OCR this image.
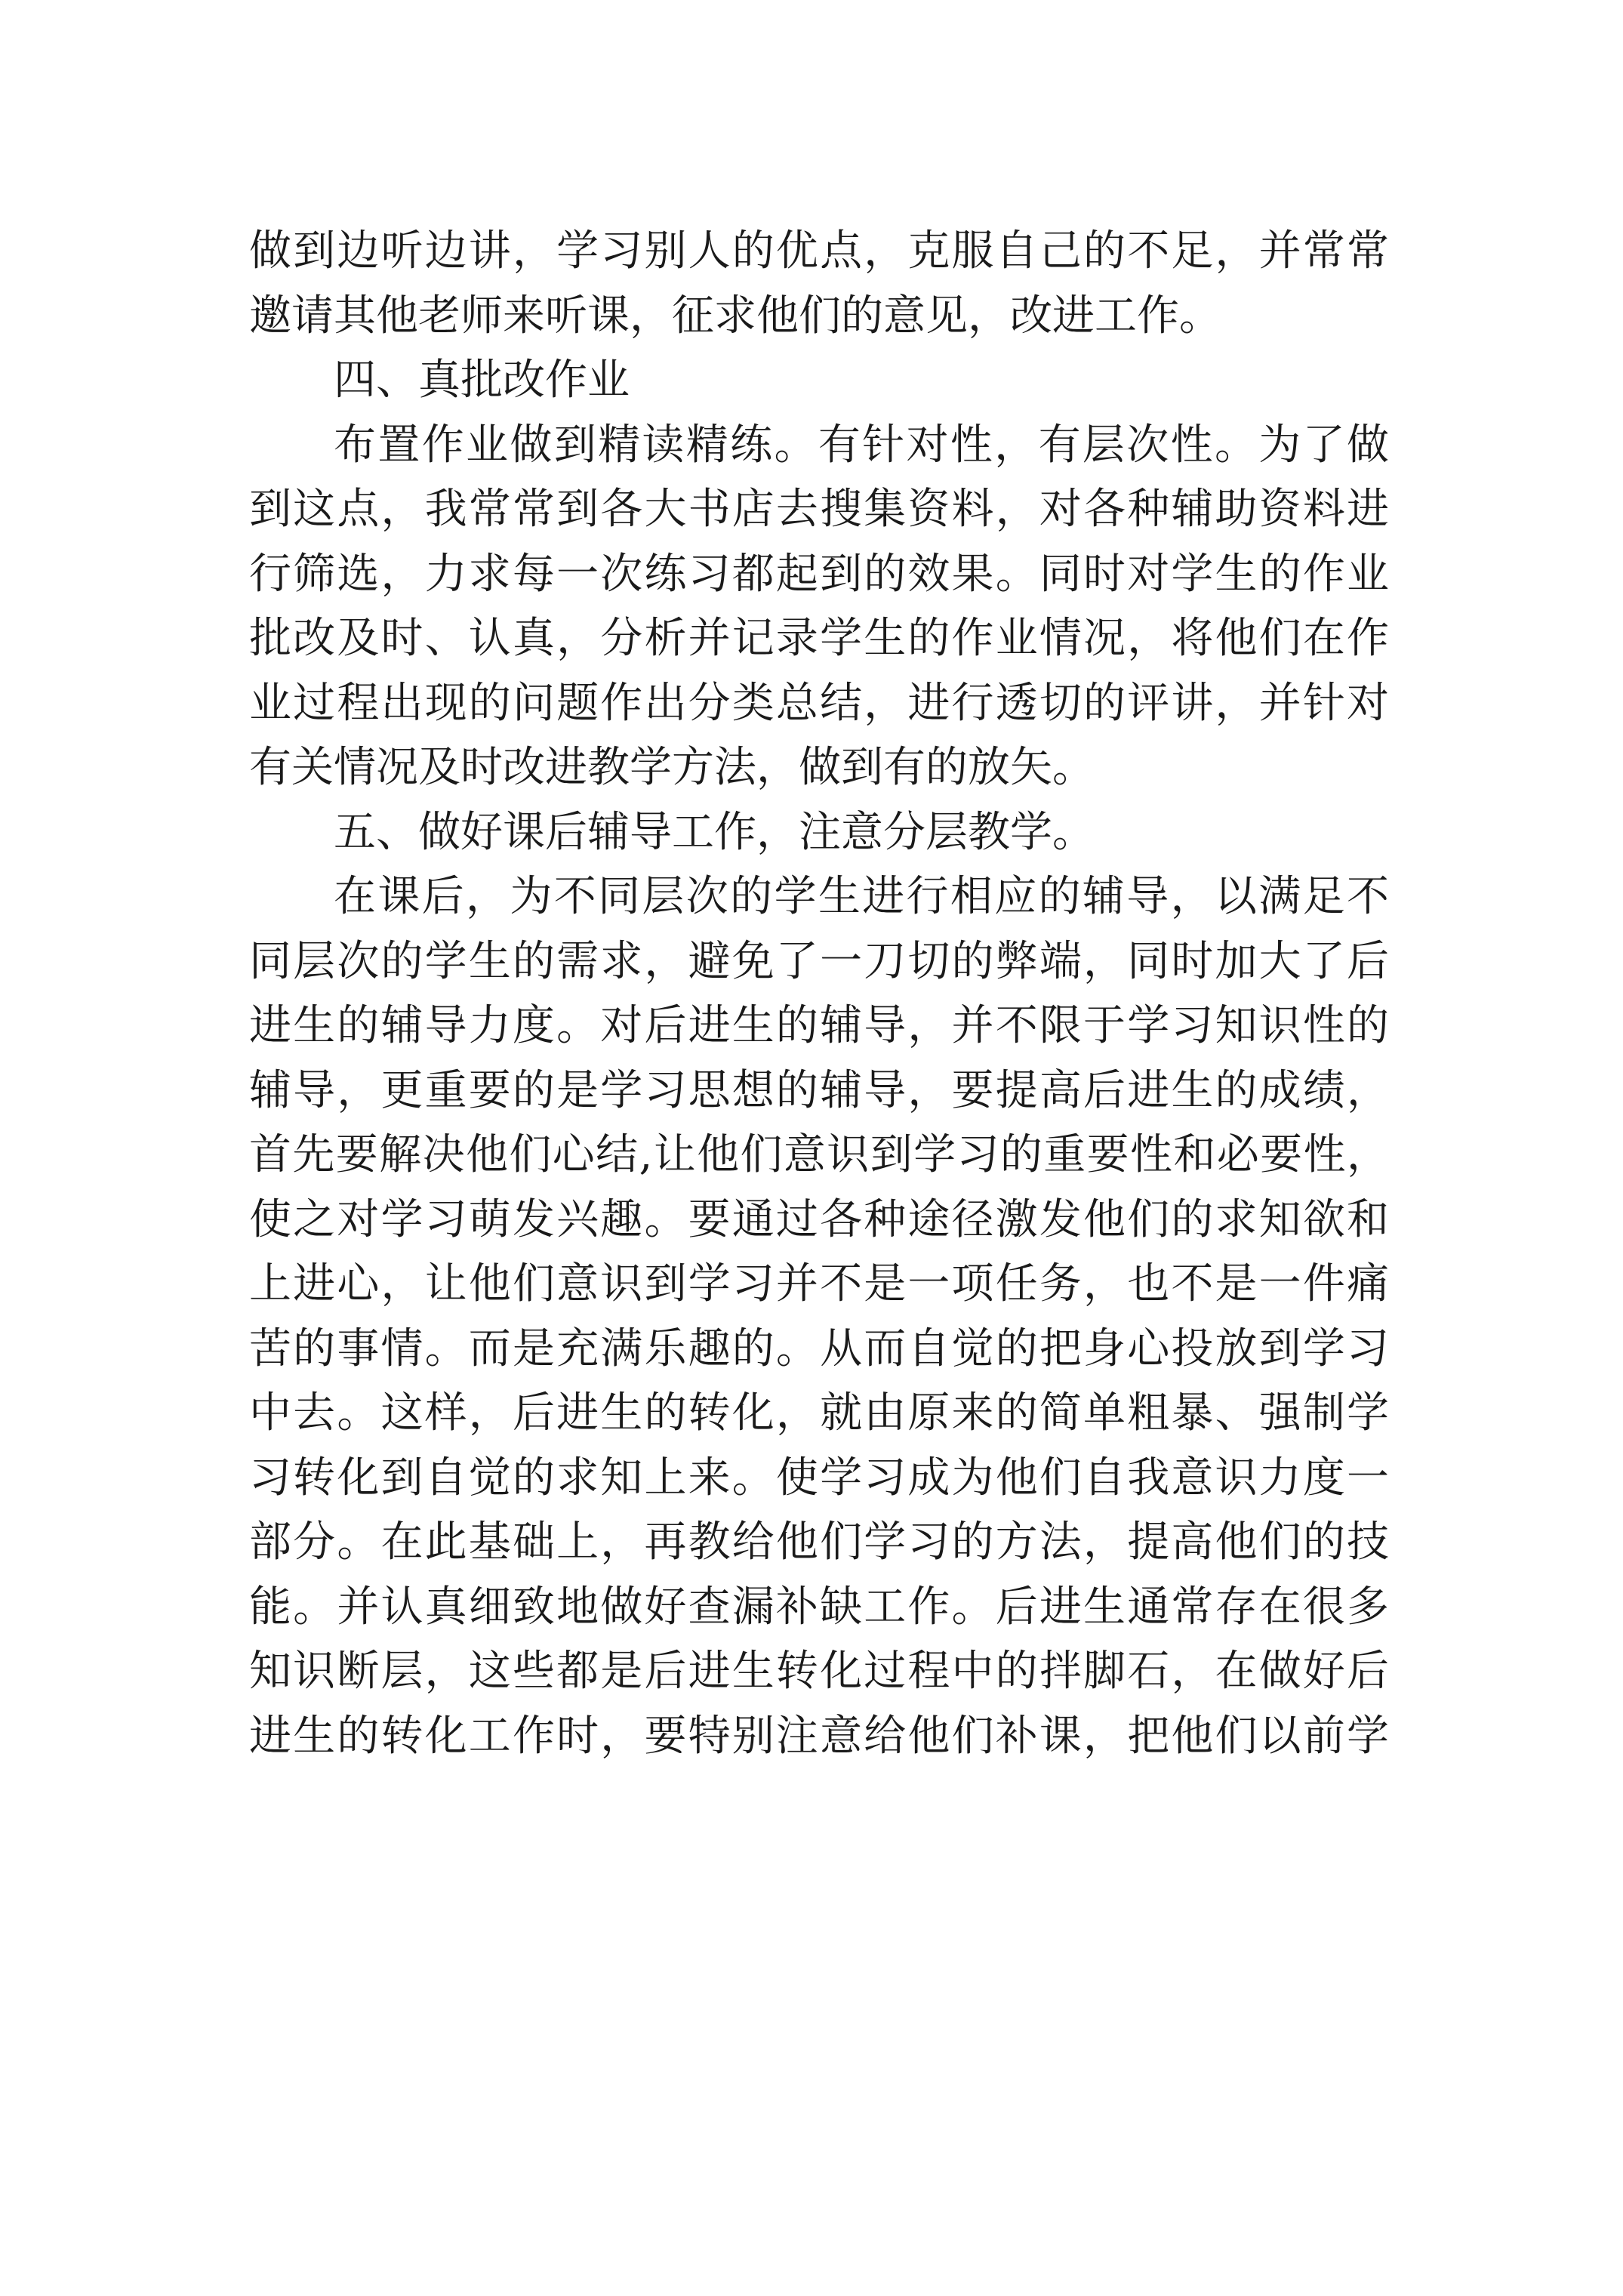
做到边听边讲，学习别人的优点，克服自己的不足，并常常
邀请其他老师来听课，征求他们的意见，改进工作。
四、真批改作业
布置作业做到精读精练。有针对性，有层次性。为了做
到这点，我常常到各大书店去搜集资料，对各种辅助资料进
行筛选，力求每一次练习都起到的效果。同时对学生的作业
批改及时、认真，分析并记录学生的作业情况，将他们在作
业过程出现的问题作出分类总结，进行透切的评讲，并针对
有关情况及时改进教学方法，做到有的放矢。
五、做好课后辅导工作，注意分层教学。
在课后，为不同层次的学生进行相应的辅导，以满足不
同层次的学生的需求，避免了一刀切的弊端，同时加大了后
进生的辅导力度。对后进生的辅导，并不限于学习知识性的
辅导，更重要的是学习思想的辅导，要提高后进生的成绩，
首先要解决他们心结,让他们意识到学习的重要性和必要性，
使之对学习萌发兴趣。要通过各种途径激发他们的求知欲和
上进心，让他们意识到学习并不是一项任务，也不是一件痛
苦的事情。而是充满乐趣的。从而自觉的把身心投放到学习
中去。这样，后进生的转化，就由原来的简单粗暴、强制学
习转化到自觉的求知上来。使学习成为他们自我意识力度一
部分。在此基础上，再教给他们学习的方法，提高他们的技
能。并认真细致地做好查漏补缺工作。后进生通常存在很多
知识断层，这些都是后进生转化过程中的拌脚石，在做好后
进生的转化工作时，要特别注意给他们补课，把他们以前学
